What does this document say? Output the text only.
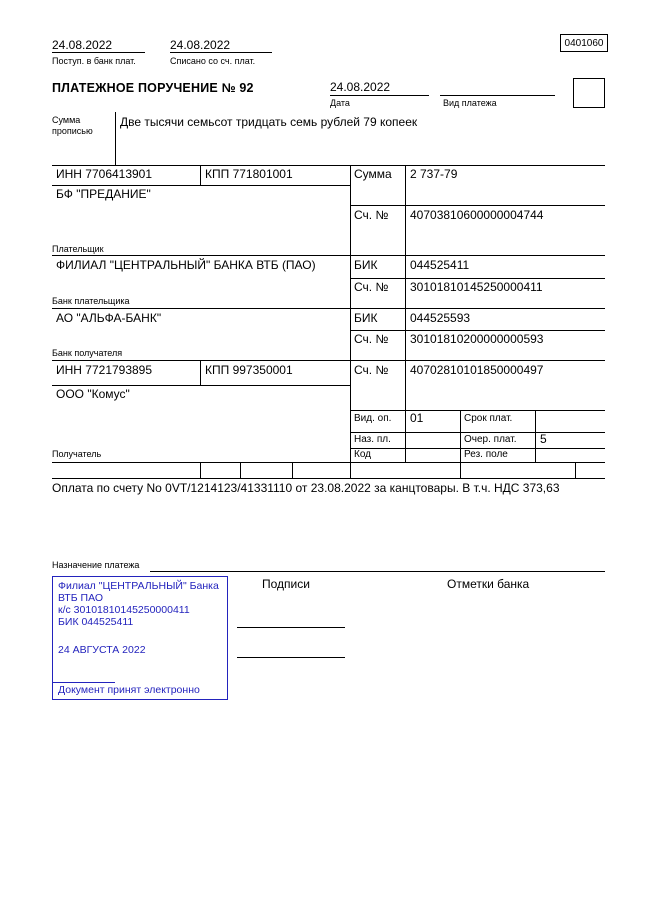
24.08.2022	24.08.2022
Поступ. в банк плат.	Списано со сч. плат.
0401060
ПЛАТЕЖНОЕ ПОРУЧЕНИЕ № 92	24.08.2022
Дата	Вид платежа
Сумма
прописью
Две тысячи семьсот тридцать семь рублей 79 копеек
ИНН 7706413901	КПП 771801001	Сумма 2 737-79
БФ "ПРЕДАНИЕ"
Сч. № 40703810600000004744
Плательщик
ФИЛИАЛ "ЦЕНТРАЛЬНЫЙ" БАНКА ВТБ (ПАО)	БИК	044525411
Сч. № 30101810145250000411
Банк плательщика
АО "АЛЬФА-БАНК"	БИК	044525593
Сч. № 30101810200000000593
Банк получателя
ИНН 7721793895	КПП 997350001	Сч. № 40702810101850000497
ООО "Комус"
Вид. оп. 01	Срок плат.
Наз. пл.	Очер. плат. 5
Код	Рез. поле
Получатель
Оплата по счету No 0VT/1214123/41331110 от 23.08.2022 за канцтовары. В т.ч. НДС 373,63
Назначение платежа
Подписи	Отметки банка
Филиал "ЦЕНТРАЛЬНЫЙ" Банка
ВТБ ПАО
к/с 30101810145250000411
БИК 044525411
24 АВГУСТА 2022
Документ принят электронно
